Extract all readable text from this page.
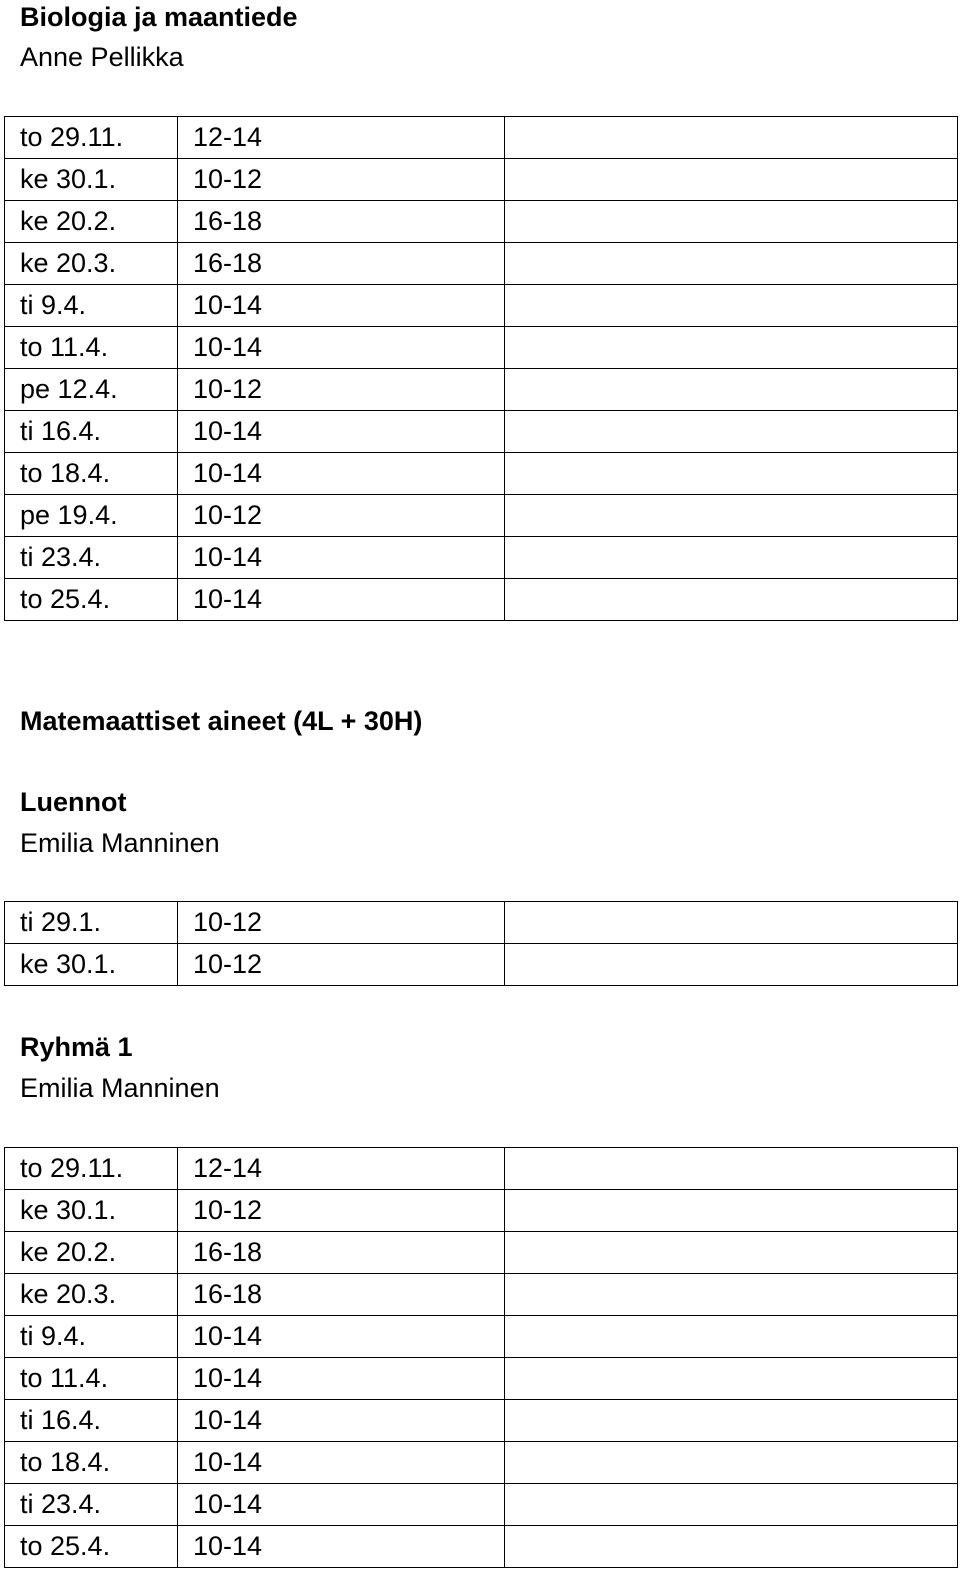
Biologia ja maantiede
Anne Pellikka
to 29.11.	12-14	
ke 30.1.	10-12	
ke 20.2.	16-18	
ke 20.3.	16-18	
ti 9.4.	10-14	
to 11.4.	10-14	
pe 12.4.	10-12	
ti 16.4.	10-14	
to 18.4.	10-14	
pe 19.4.	10-12	
ti 23.4.	10-14	
to 25.4.	10-14	
Matemaattiset aineet (4L + 30H)
Luennot
Emilia Manninen
ti 29.1.	10-12	
ke 30.1.	10-12	
Ryhmä 1
Emilia Manninen
to 29.11.	12-14	
ke 30.1.	10-12	
ke 20.2.	16-18	
ke 20.3.	16-18	
ti 9.4.	10-14	
to 11.4.	10-14	
ti 16.4.	10-14	
to 18.4.	10-14	
ti 23.4.	10-14	
to 25.4.	10-14	
